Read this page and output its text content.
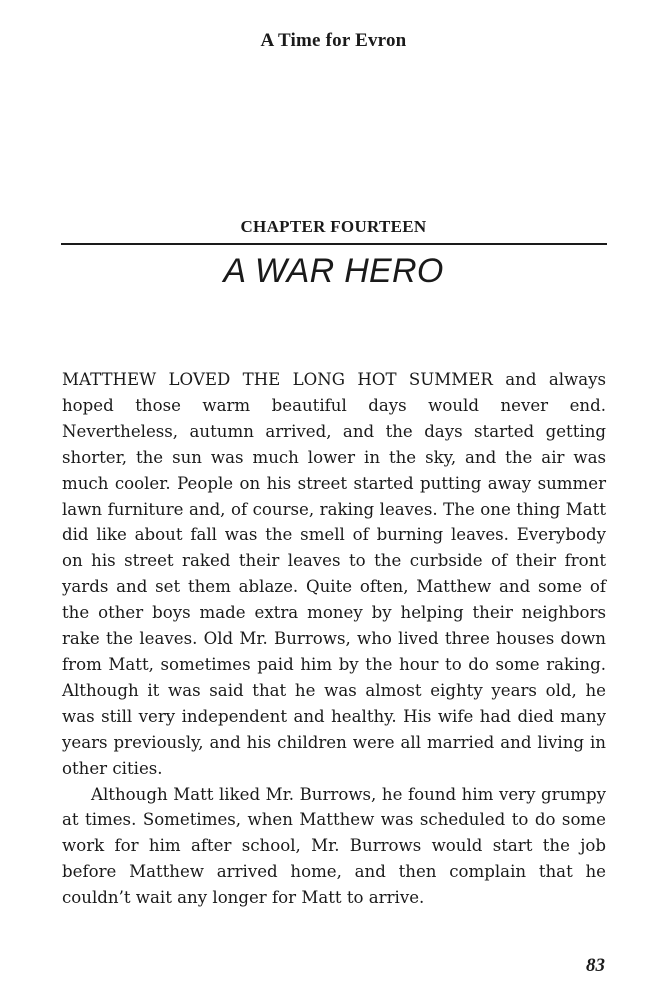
A Time for Evron
CHAPTER FOURTEEN
A WAR HERO

MATTHEW LOVED THE LONG HOT SUMMER and always hoped those warm beautiful days would never end. Nevertheless, autumn arrived, and the days started getting shorter, the sun was much lower in the sky, and the air was much cooler. People on his street started putting away summer lawn furniture and, of course, raking leaves. The one thing Matt did like about fall was the smell of burning leaves. Everybody on his street raked their leaves to the curbside of their front yards and set them ablaze. Quite often, Matthew and some of the other boys made extra money by helping their neighbors rake the leaves. Old Mr. Burrows, who lived three houses down from Matt, sometimes paid him by the hour to do some raking. Although it was said that he was almost eighty years old, he was still very independent and healthy. His wife had died many years previously, and his children were all married and living in other cities.

Although Matt liked Mr. Burrows, he found him very grumpy at times. Sometimes, when Matthew was scheduled to do some work for him after school, Mr. Burrows would start the job before Matthew arrived home, and then complain that he couldn’t wait any longer for Matt to arrive.

83
